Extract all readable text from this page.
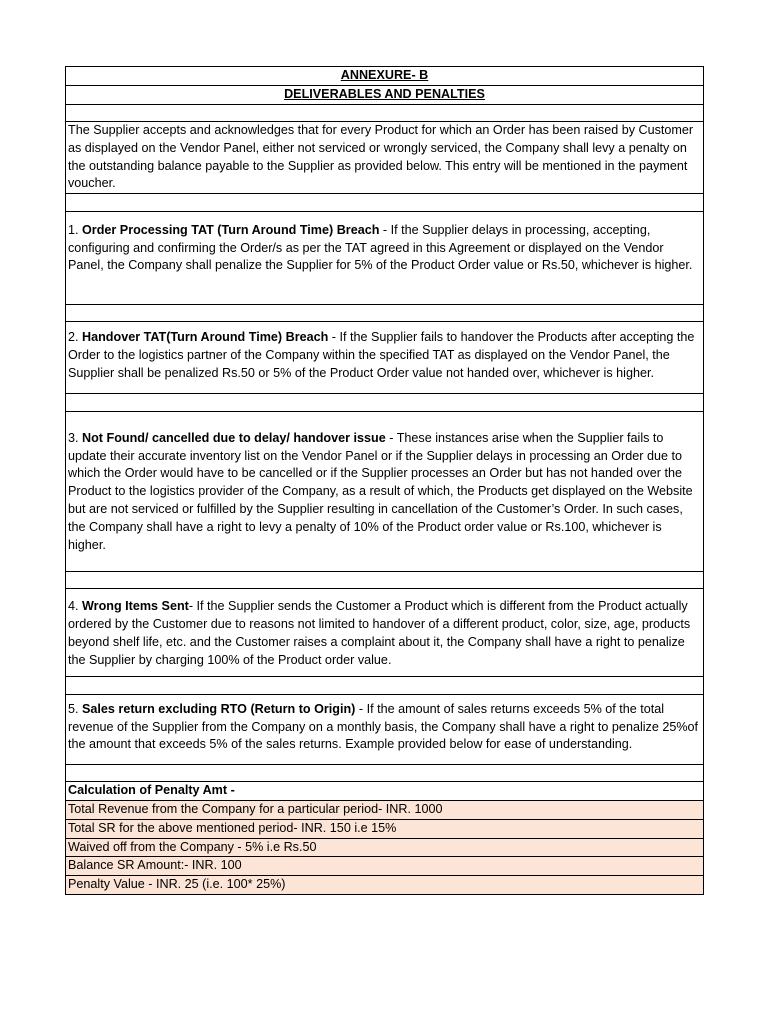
ANNEXURE- B
DELIVERABLES AND PENALTIES

The Supplier accepts and acknowledges that for every Product for which an Order has been raised by Customer as displayed on the Vendor Panel, either not serviced or wrongly serviced, the Company shall levy a penalty on the outstanding balance payable to the Supplier as provided below. This entry will be mentioned in the payment voucher.

1. Order Processing TAT (Turn Around Time) Breach - If the Supplier delays in processing, accepting, configuring and confirming the Order/s as per the TAT agreed in this Agreement or displayed on the Vendor Panel, the Company shall penalize the Supplier for 5% of the Product Order value or Rs.50, whichever is higher.

2. Handover TAT(Turn Around Time) Breach - If the Supplier fails to handover the Products after accepting the Order to the logistics partner of the Company within the specified TAT as displayed on the Vendor Panel, the Supplier shall be penalized Rs.50 or 5% of the Product Order value not handed over, whichever is higher.

3. Not Found/ cancelled due to delay/ handover issue - These instances arise when the Supplier fails to update their accurate inventory list on the Vendor Panel or if the Supplier delays in processing an Order due to which the Order would have to be cancelled or if the Supplier processes an Order but has not handed over the Product to the logistics provider of the Company, as a result of which, the Products get displayed on the Website but are not serviced or fulfilled by the Supplier resulting in cancellation of the Customer’s Order. In such cases, the Company shall have a right to levy a penalty of 10% of the Product order value or Rs.100, whichever is higher.

4. Wrong Items Sent- If the Supplier sends the Customer a Product which is different from the Product actually ordered by the Customer due to reasons not limited to handover of a different product, color, size, age, products beyond shelf life, etc. and the Customer raises a complaint about it, the Company shall have a right to penalize the Supplier by charging 100% of the Product order value.

5. Sales return excluding RTO (Return to Origin) - If the amount of sales returns exceeds 5% of the total revenue of the Supplier from the Company on a monthly basis, the Company shall have a right to penalize 25%of the amount that exceeds 5% of the sales returns. Example provided below for ease of understanding.

Calculation of Penalty Amt -
Total Revenue from the Company for a particular period- INR. 1000
Total SR for the above mentioned period- INR. 150 i.e 15%
Waived off from the Company - 5% i.e Rs.50
Balance SR Amount:- INR. 100
Penalty Value - INR. 25 (i.e. 100* 25%)
